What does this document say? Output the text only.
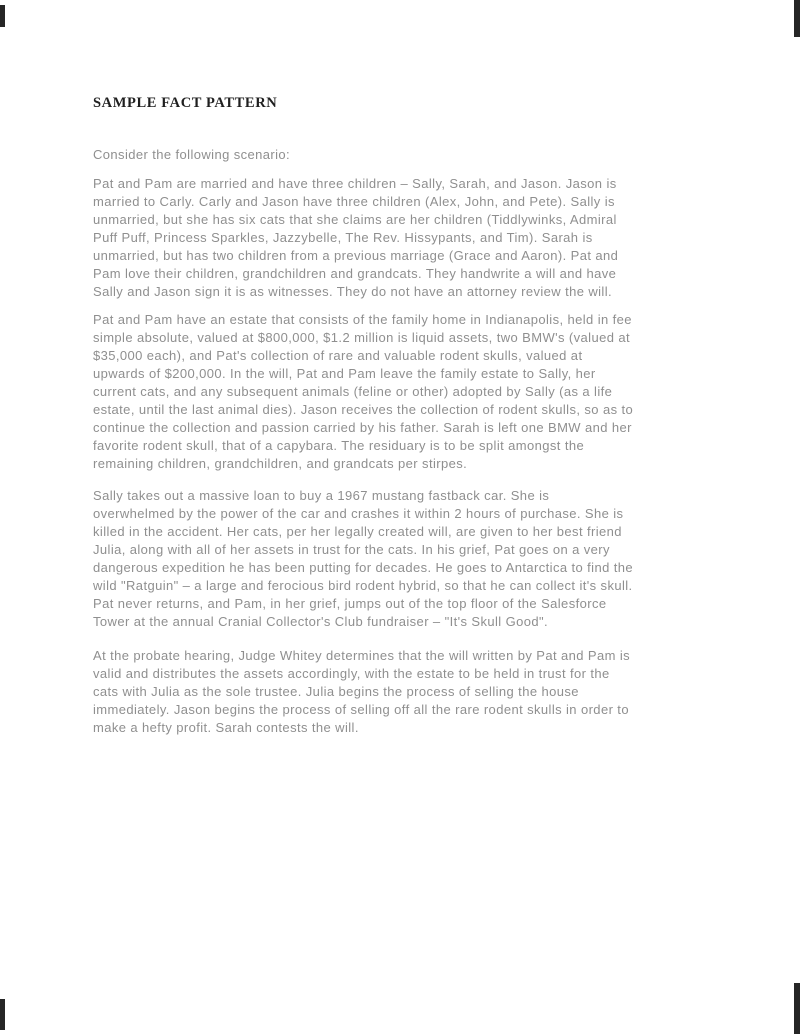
SAMPLE FACT PATTERN

Consider the following scenario:

Pat and Pam are married and have three children – Sally, Sarah, and Jason. Jason is
married to Carly. Carly and Jason have three children (Alex, John, and Pete). Sally is
unmarried, but she has six cats that she claims are her children (Tiddlywinks, Admiral
Puff Puff, Princess Sparkles, Jazzybelle, The Rev. Hissypants, and Tim). Sarah is
unmarried, but has two children from a previous marriage (Grace and Aaron). Pat and
Pam love their children, grandchildren and grandcats. They handwrite a will and have
Sally and Jason sign it is as witnesses. They do not have an attorney review the will.
Pat and Pam have an estate that consists of the family home in Indianapolis, held in fee
simple absolute, valued at $800,000, $1.2 million is liquid assets, two BMW's (valued at
$35,000 each), and Pat's collection of rare and valuable rodent skulls, valued at
upwards of $200,000. In the will, Pat and Pam leave the family estate to Sally, her
current cats, and any subsequent animals (feline or other) adopted by Sally (as a life
estate, until the last animal dies). Jason receives the collection of rodent skulls, so as to
continue the collection and passion carried by his father. Sarah is left one BMW and her
favorite rodent skull, that of a capybara. The residuary is to be split amongst the
remaining children, grandchildren, and grandcats per stirpes.
Sally takes out a massive loan to buy a 1967 mustang fastback car. She is
overwhelmed by the power of the car and crashes it within 2 hours of purchase. She is
killed in the accident. Her cats, per her legally created will, are given to her best friend
Julia, along with all of her assets in trust for the cats. In his grief, Pat goes on a very
dangerous expedition he has been putting for decades. He goes to Antarctica to find the
wild "Ratguin" – a large and ferocious bird rodent hybrid, so that he can collect it's skull.
Pat never returns, and Pam, in her grief, jumps out of the top floor of the Salesforce
Tower at the annual Cranial Collector's Club fundraiser – "It's Skull Good".
At the probate hearing, Judge Whitey determines that the will written by Pat and Pam is
valid and distributes the assets accordingly, with the estate to be held in trust for the
cats with Julia as the sole trustee. Julia begins the process of selling the house
immediately. Jason begins the process of selling off all the rare rodent skulls in order to
make a hefty profit. Sarah contests the will.
